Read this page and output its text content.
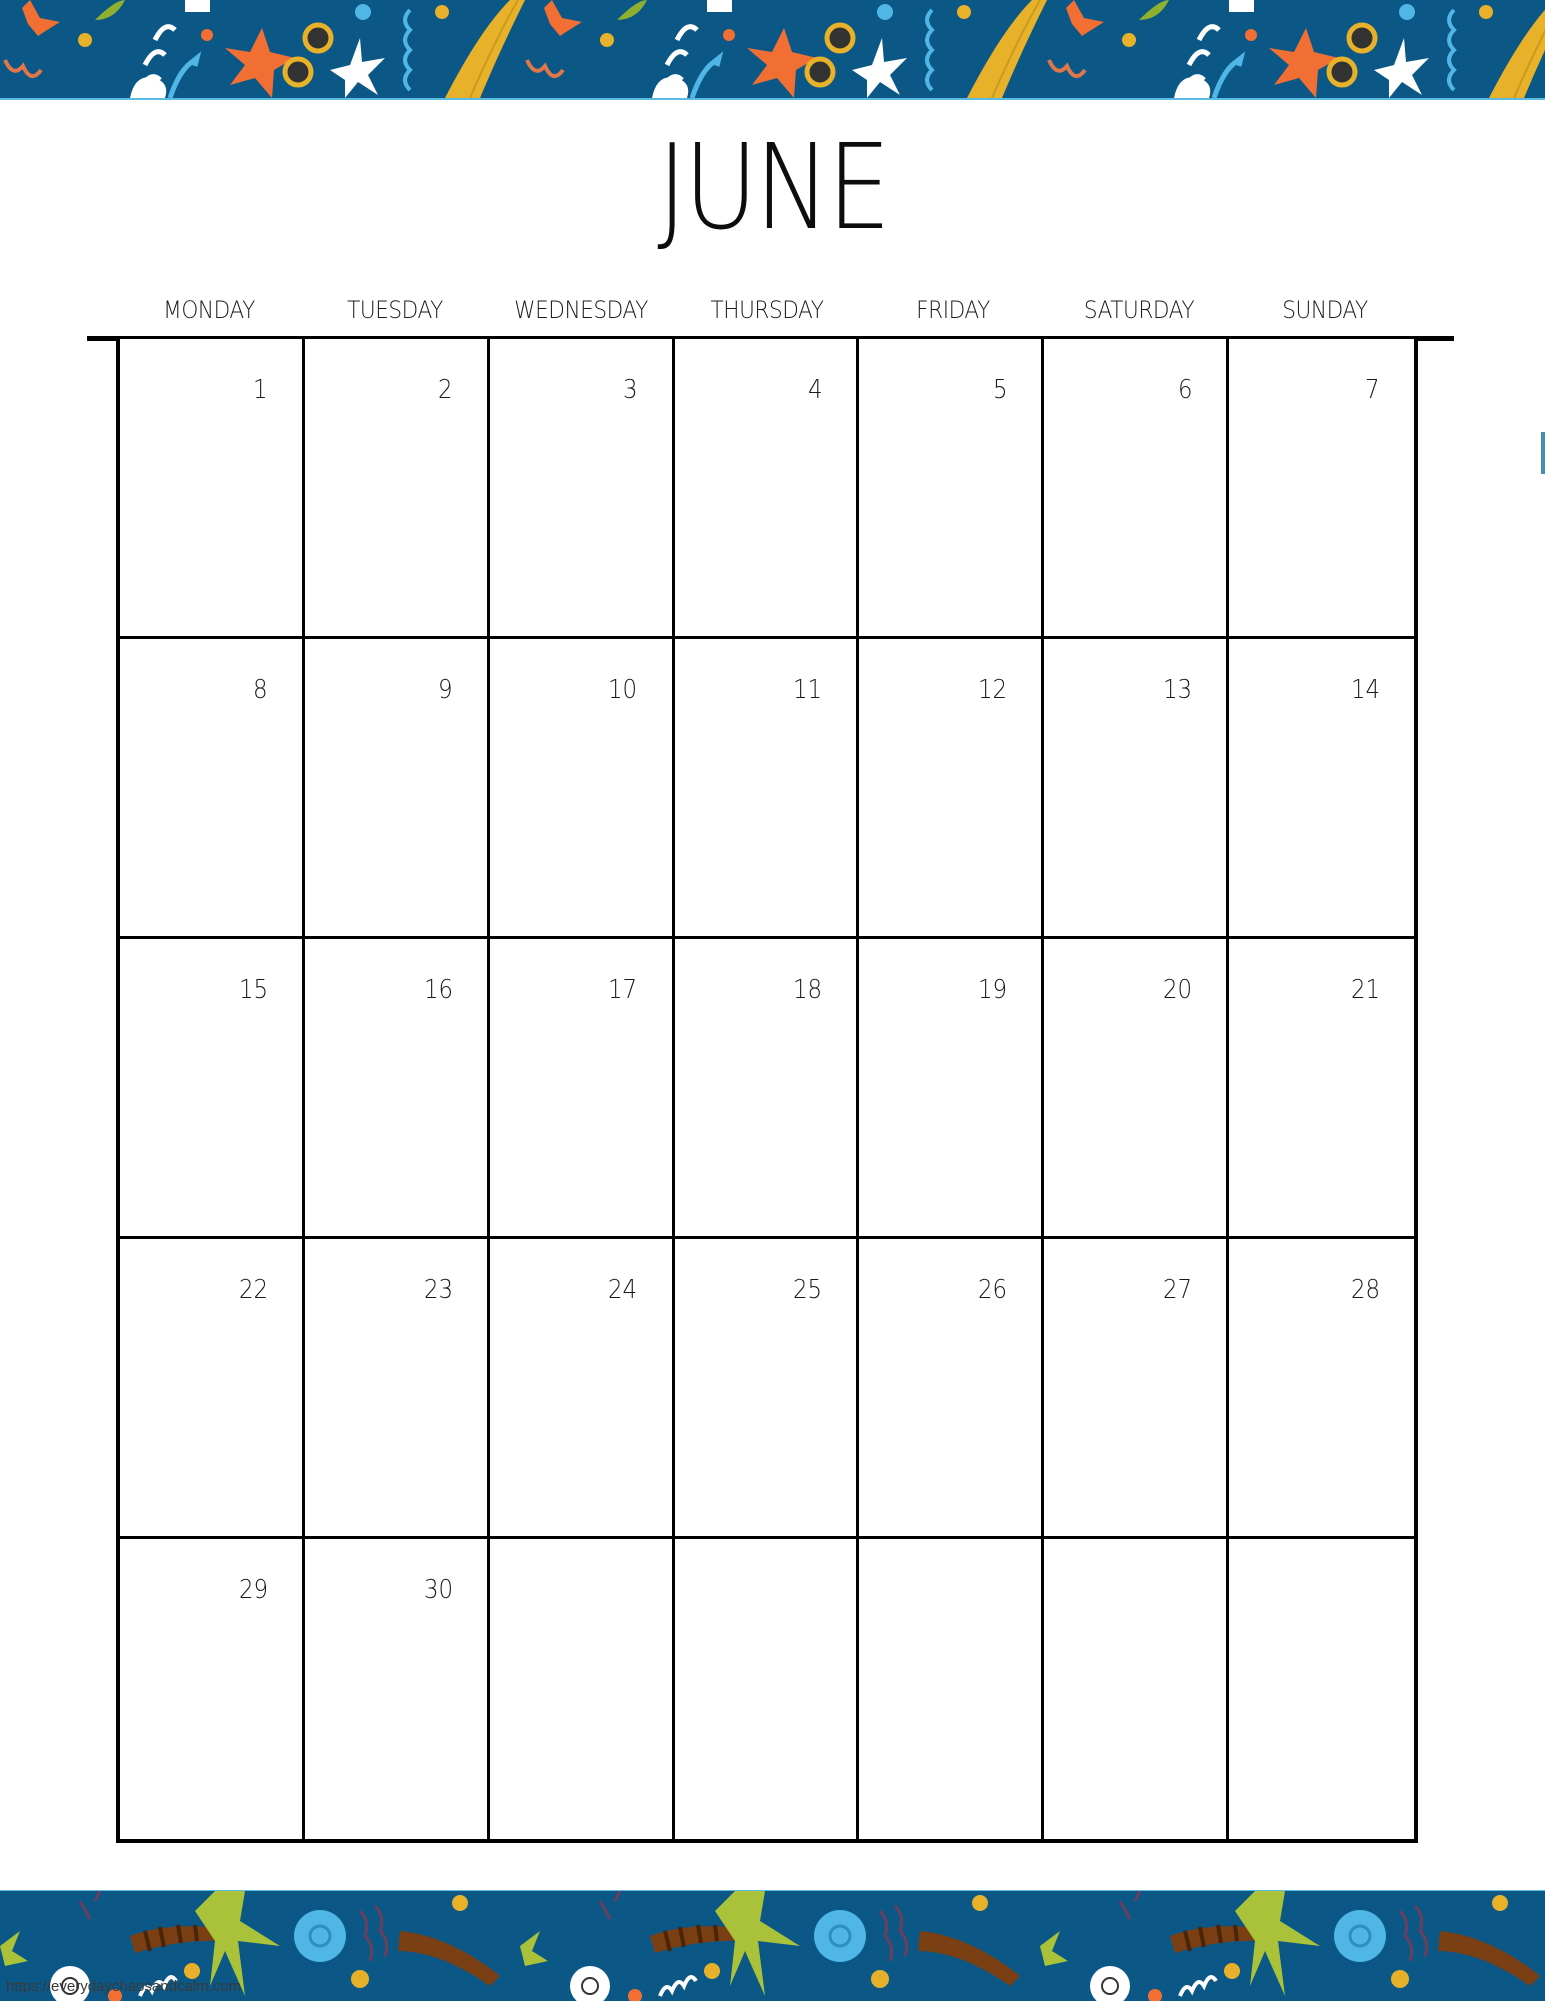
JUNE
MONDAY	TUESDAY	WEDNESDAY	THURSDAY	FRIDAY	SATURDAY	SUNDAY
1	2	3	4	5	6	7
8	9	10	11	12	13	14
15	16	17	18	19	20	21
22	23	24	25	26	27	28
29	30
https://everydaychaosandcalm.com
